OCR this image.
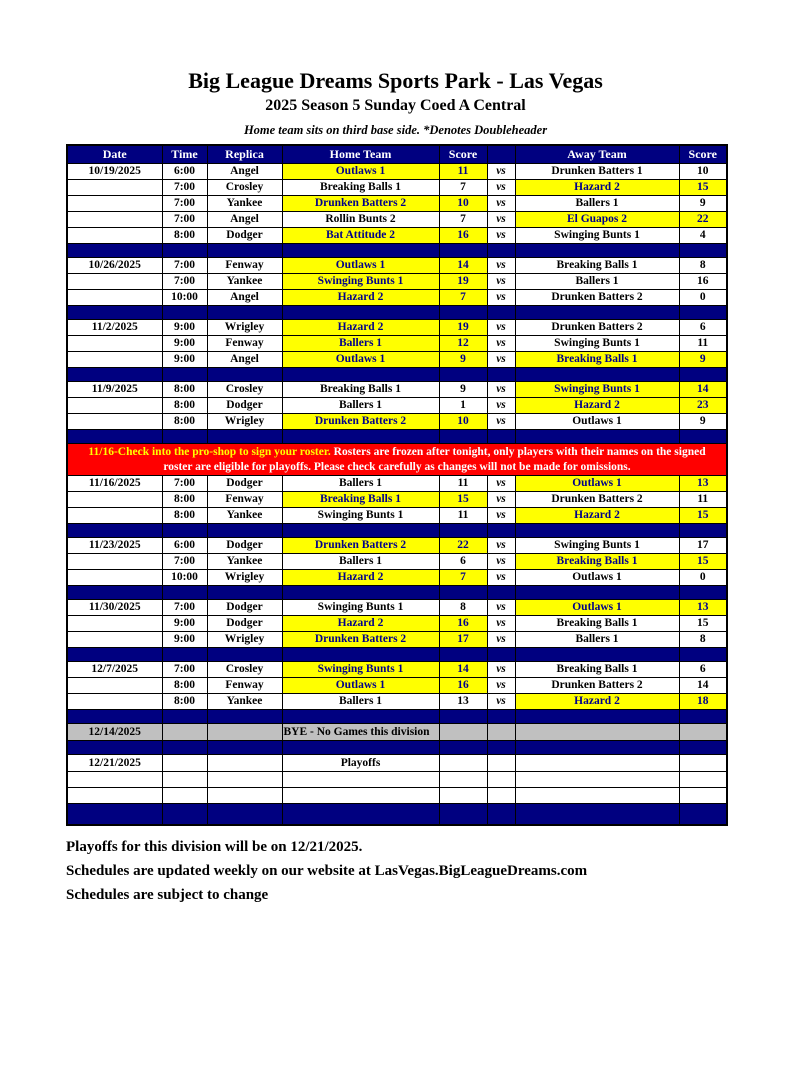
Big League Dreams Sports Park - Las Vegas
2025 Season 5 Sunday Coed A Central
Home team sits on third base side. *Denotes Doubleheader
Date	Time	Replica	Home Team	Score		Away Team	Score
10/19/2025	6:00	Angel	Outlaws 1	11	vs	Drunken Batters 1	10
	7:00	Crosley	Breaking Balls 1	7	vs	Hazard 2	15
	7:00	Yankee	Drunken Batters 2	10	vs	Ballers 1	9
	7:00	Angel	Rollin Bunts 2	7	vs	El Guapos 2	22
	8:00	Dodger	Bat Attitude 2	16	vs	Swinging Bunts 1	4

10/26/2025	7:00	Fenway	Outlaws 1	14	vs	Breaking Balls 1	8
	7:00	Yankee	Swinging Bunts 1	19	vs	Ballers 1	16
	10:00	Angel	Hazard 2	7	vs	Drunken Batters 2	0

11/2/2025	9:00	Wrigley	Hazard 2	19	vs	Drunken Batters 2	6
	9:00	Fenway	Ballers 1	12	vs	Swinging Bunts 1	11
	9:00	Angel	Outlaws 1	9	vs	Breaking Balls 1	9

11/9/2025	8:00	Crosley	Breaking Balls 1	9	vs	Swinging Bunts 1	14
	8:00	Dodger	Ballers 1	1	vs	Hazard 2	23
	8:00	Wrigley	Drunken Batters 2	10	vs	Outlaws 1	9

11/16-Check into the pro-shop to sign your roster. Rosters are frozen after tonight, only players with their names on the signed roster are eligible for playoffs. Please check carefully as changes will not be made for omissions.							
11/16/2025	7:00	Dodger	Ballers 1	11	vs	Outlaws 1	13
	8:00	Fenway	Breaking Balls 1	15	vs	Drunken Batters 2	11
	8:00	Yankee	Swinging Bunts 1	11	vs	Hazard 2	15

11/23/2025	6:00	Dodger	Drunken Batters 2	22	vs	Swinging Bunts 1	17
	7:00	Yankee	Ballers 1	6	vs	Breaking Balls 1	15
	10:00	Wrigley	Hazard 2	7	vs	Outlaws 1	0

11/30/2025	7:00	Dodger	Swinging Bunts 1	8	vs	Outlaws 1	13
	9:00	Dodger	Hazard 2	16	vs	Breaking Balls 1	15
	9:00	Wrigley	Drunken Batters 2	17	vs	Ballers 1	8

12/7/2025	7:00	Crosley	Swinging Bunts 1	14	vs	Breaking Balls 1	6
	8:00	Fenway	Outlaws 1	16	vs	Drunken Batters 2	14
	8:00	Yankee	Ballers 1	13	vs	Hazard 2	18

12/14/2025			BYE - No Games this division				

12/21/2025			Playoffs				

Playoffs for this division will be on 12/21/2025.
Schedules are updated weekly on our website at LasVegas.BigLeagueDreams.com
Schedules are subject to change
